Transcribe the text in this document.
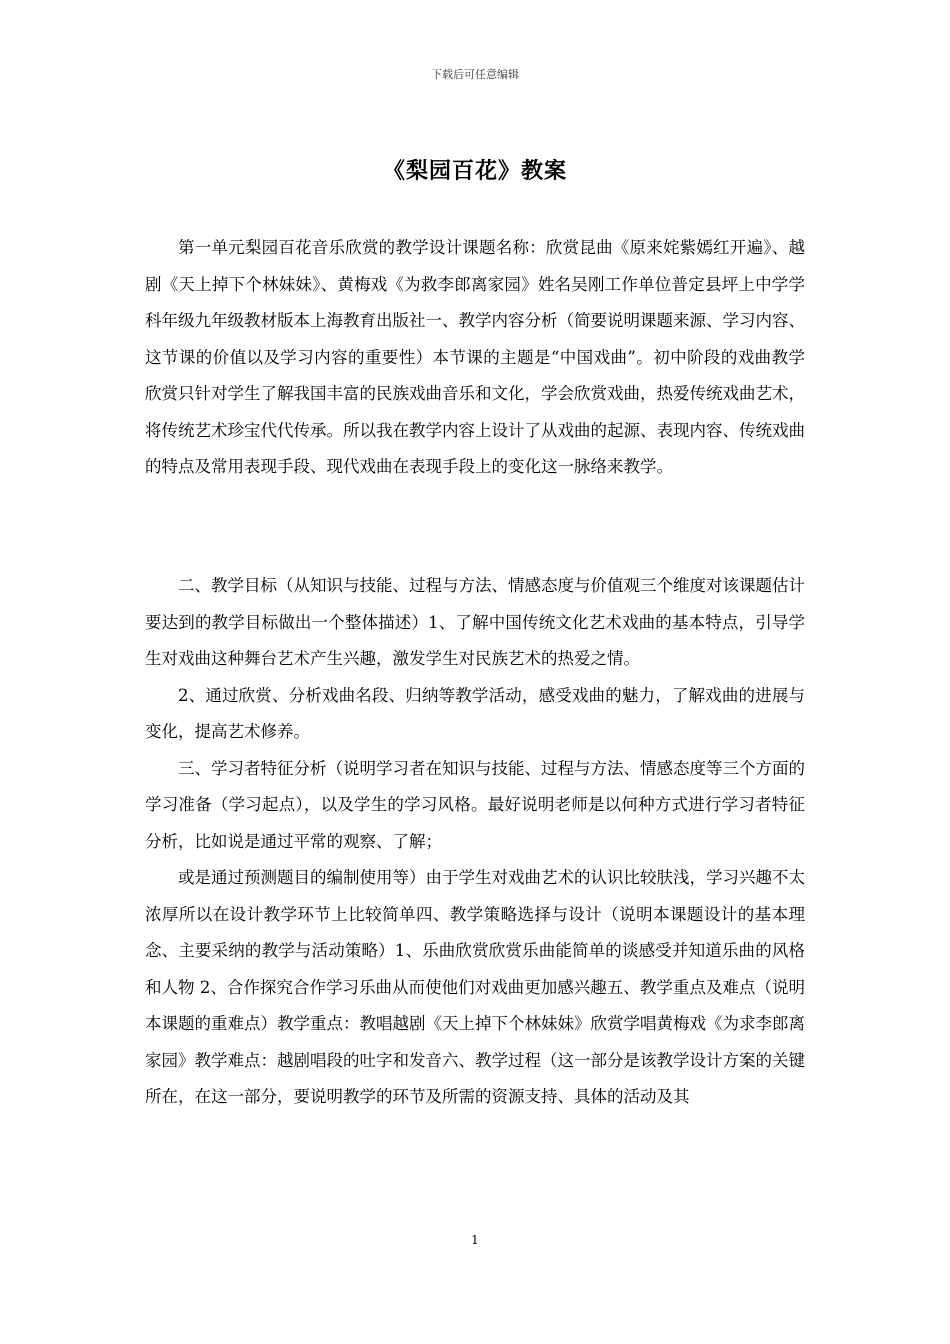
下载后可任意编辑
《梨园百花》教案

第一单元梨园百花音乐欣赏的教学设计课题名称：欣赏昆曲《原来姹紫嫣红开遍》、越剧《天上掉下个林妹妹》、黄梅戏《为救李郎离家园》姓名吴刚工作单位普定县坪上中学学科年级九年级教材版本上海教育出版社一、教学内容分析（简要说明课题来源、学习内容、这节课的价值以及学习内容的重要性）本节课的主题是“中国戏曲”。初中阶段的戏曲教学欣赏只针对学生了解我国丰富的民族戏曲音乐和文化，学会欣赏戏曲，热爱传统戏曲艺术，将传统艺术珍宝代代传承。所以我在教学内容上设计了从戏曲的起源、表现内容、传统戏曲的特点及常用表现手段、现代戏曲在表现手段上的变化这一脉络来教学。

二、教学目标（从知识与技能、过程与方法、情感态度与价值观三个维度对该课题估计要达到的教学目标做出一个整体描述）1、了解中国传统文化艺术戏曲的基本特点，引导学生对戏曲这种舞台艺术产生兴趣，激发学生对民族艺术的热爱之情。

2、通过欣赏、分析戏曲名段、归纳等教学活动，感受戏曲的魅力，了解戏曲的进展与变化，提高艺术修养。

三、学习者特征分析（说明学习者在知识与技能、过程与方法、情感态度等三个方面的学习准备（学习起点），以及学生的学习风格。最好说明老师是以何种方式进行学习者特征分析，比如说是通过平常的观察、了解；

或是通过预测题目的编制使用等）由于学生对戏曲艺术的认识比较肤浅，学习兴趣不太浓厚所以在设计教学环节上比较简单四、教学策略选择与设计（说明本课题设计的基本理念、主要采纳的教学与活动策略）1、乐曲欣赏欣赏乐曲能简单的谈感受并知道乐曲的风格和人物 2、合作探究合作学习乐曲从而使他们对戏曲更加感兴趣五、教学重点及难点（说明本课题的重难点）教学重点：教唱越剧《天上掉下个林妹妹》欣赏学唱黄梅戏《为求李郎离家园》教学难点：越剧唱段的吐字和发音六、教学过程（这一部分是该教学设计方案的关键所在，在这一部分，要说明教学的环节及所需的资源支持、具体的活动及其

1
